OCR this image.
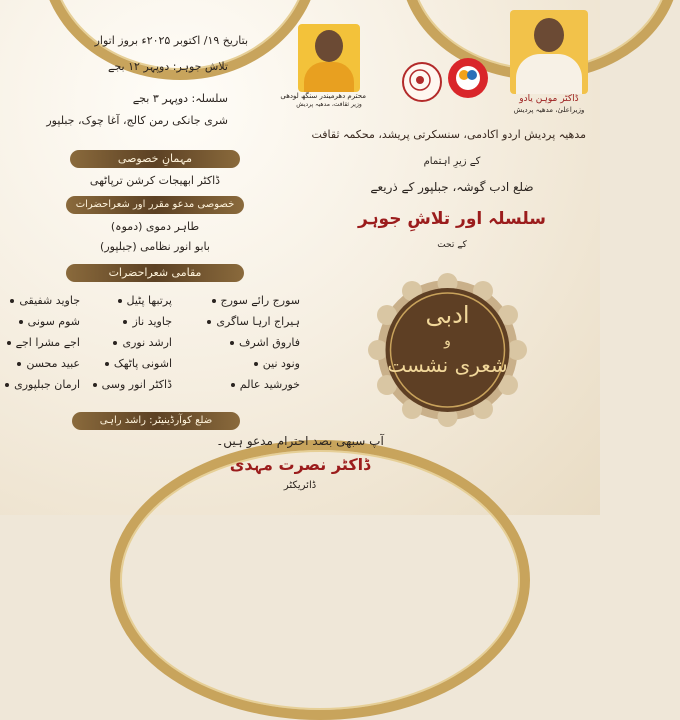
بتاریخ ۱۹/ اکتوبر ۲۰۲۵ء بروز اتوار
تلاش جوہر: دوپہر ۱۲ بجے
سلسلہ: دوپہر ۳ بجے
شری جانکی رمن کالج، آغا چوک، جبلپور
مہمانِ خصوصی
ڈاکٹر ابھیجات کرشن ترپاٹھی
خصوصی مدعو مقرر اور شعراحضرات
طاہر دموی (دموہ)
بابو انور نظامی (جبلپور)
مقامی شعراحضرات
سورج رائے سورج
ہیراج ارہا ساگری
فاروق اشرف
ونود نین
خورشید عالم
پرتبھا پٹیل
جاوید ناز
ارشد نوری
اشونی پاٹھک
ڈاکٹر انور وسی
جاوید شفیقی
شوم سونی
اجے مشرا اجے
عبید محسن
ارمان جبلپوری
ضلع کوآرڈینیٹر: راشد راہی
محترم دھرمیندر سنگھ لودھی
وزیر ثقافت، مدھیہ پردیش
ڈاکٹر موہن یادو
وزیراعلیٰ، مدھیہ پردیش
مدھیہ پردیش اردو اکادمی، سنسکرتی پریشد، محکمہ ثقافت
کے زیرِ اہتمام
ضلع ادب گوشہ، جبلپور کے ذریعے
سلسلہ اور تلاشِ جوہر
کے تحت
ادبی
و
شعری نشست
آپ سبھی بصد احترام مدعو ہیں۔
ڈاکٹر نصرت مہدی
ڈائریکٹر
